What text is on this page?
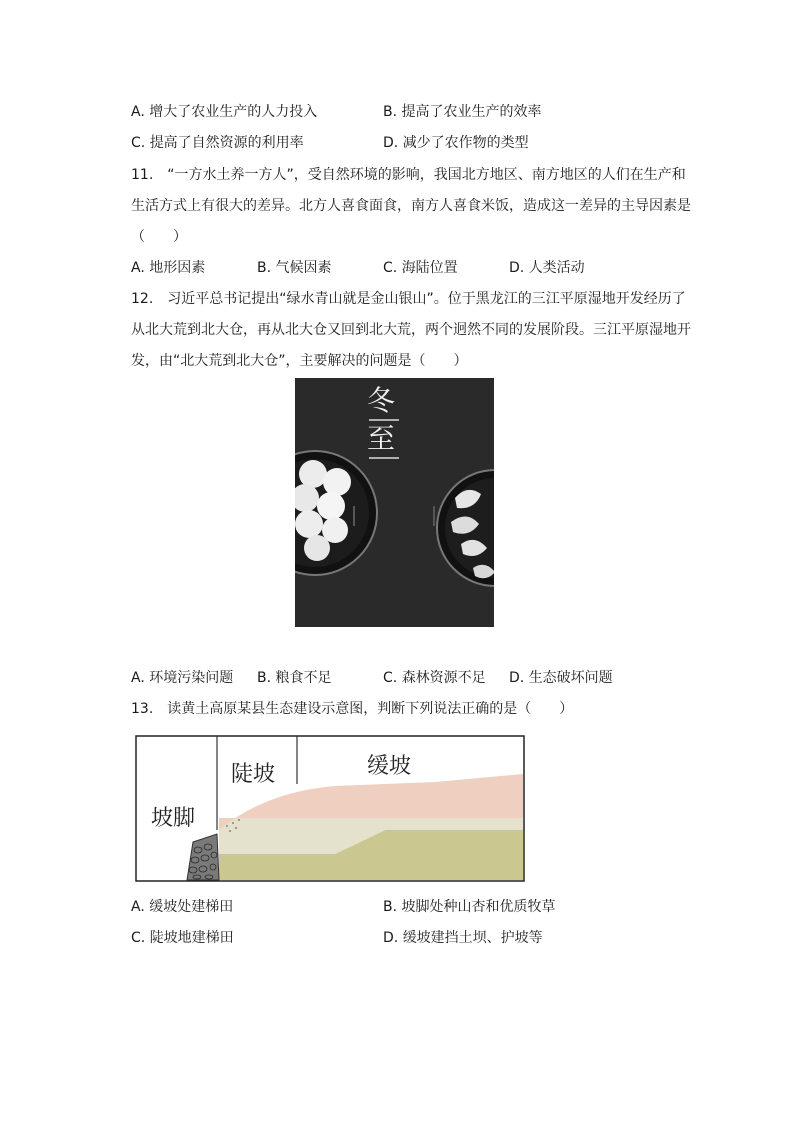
A. 增大了农业生产的人力投入	B. 提高了农业生产的效率
C. 提高了自然资源的利用率	D. 减少了农作物的类型
11.　“一方水土养一方人”，受自然环境的影响，我国北方地区、南方地区的人们在生产和
生活方式上有很大的差异。北方人喜食面食，南方人喜食米饭，造成这一差异的主导因素是
（　　）
A. 地形因素	B. 气候因素	C. 海陆位置	D. 人类活动
12.　习近平总书记提出“绿水青山就是金山银山”。位于黑龙江的三江平原湿地开发经历了
从北大荒到北大仓，再从北大仓又回到北大荒，两个迥然不同的发展阶段。三江平原湿地开
发，由“北大荒到北大仓”，主要解决的问题是（　　）
冬
至
A. 环境污染问题 B. 粮食不足	C. 森林资源不足 D. 生态破坏问题
13.　读黄土高原某县生态建设示意图，判断下列说法正确的是（　　）
坡脚
陡坡	缓坡
A. 缓坡处建梯田	B. 坡脚处种山杏和优质牧草
C. 陡坡地建梯田	D. 缓坡建挡土坝、护坡等
